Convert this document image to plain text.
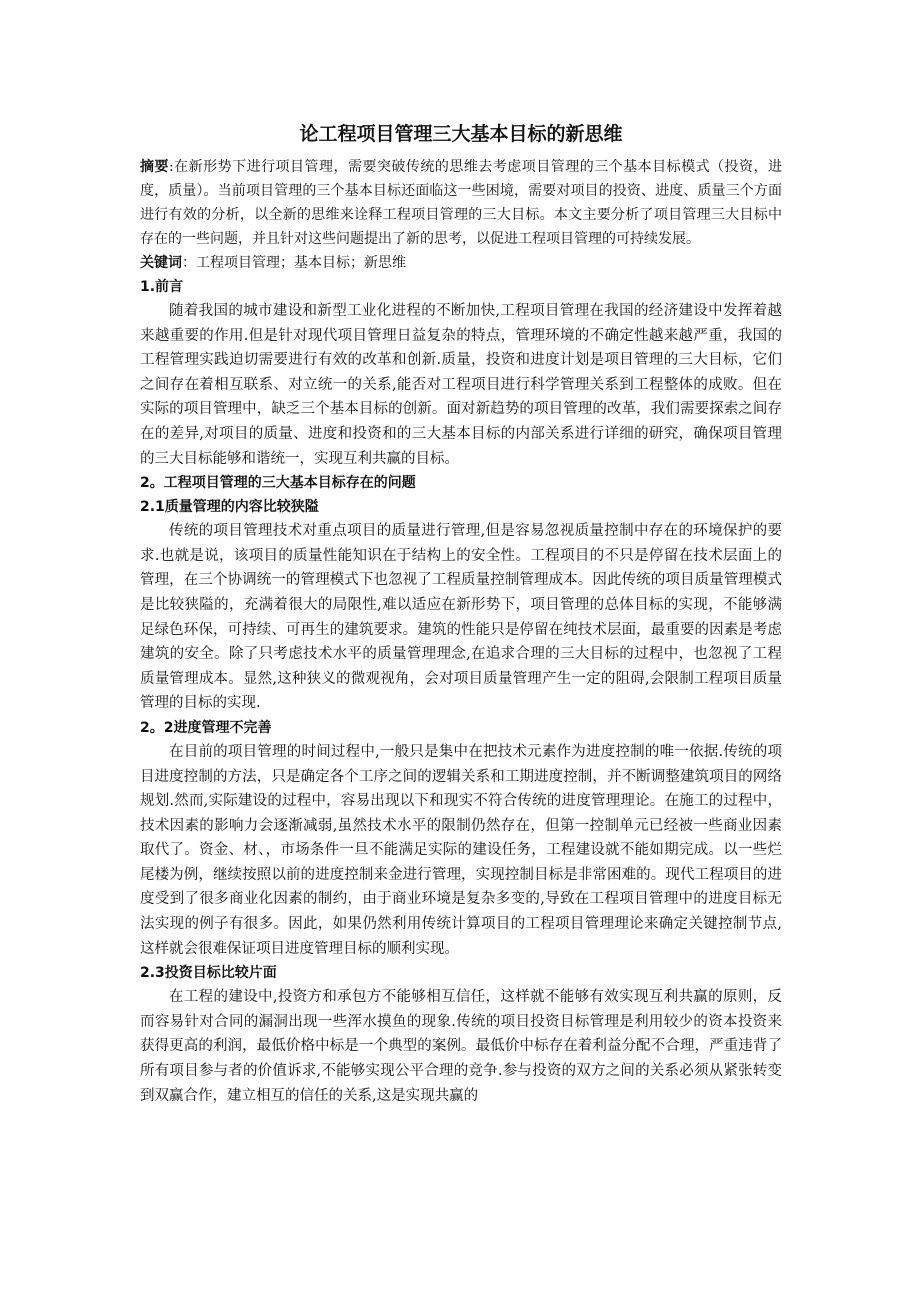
论工程项目管理三大基本目标的新思维

摘要:在新形势下进行项目管理，需要突破传统的思维去考虑项目管理的三个基本目标模式（投资，进度，质量）。当前项目管理的三个基本目标还面临这一些困境，需要对项目的投资、进度、质量三个方面进行有效的分析，以全新的思维来诠释工程项目管理的三大目标。本文主要分析了项目管理三大目标中存在的一些问题，并且针对这些问题提出了新的思考，以促进工程项目管理的可持续发展。

关键词：工程项目管理；基本目标；新思维

1.前言

随着我国的城市建设和新型工业化进程的不断加快,工程项目管理在我国的经济建设中发挥着越来越重要的作用.但是针对现代项目管理日益复杂的特点，管理环境的不确定性越来越严重，我国的工程管理实践迫切需要进行有效的改革和创新.质量，投资和进度计划是项目管理的三大目标，它们之间存在着相互联系、对立统一的关系,能否对工程项目进行科学管理关系到工程整体的成败。但在实际的项目管理中，缺乏三个基本目标的创新。面对新趋势的项目管理的改革，我们需要探索之间存在的差异,对项目的质量、进度和投资和的三大基本目标的内部关系进行详细的研究，确保项目管理的三大目标能够和谐统一，实现互利共赢的目标。

2。工程项目管理的三大基本目标存在的问题
2.1质量管理的内容比较狭隘

传统的项目管理技术对重点项目的质量进行管理,但是容易忽视质量控制中存在的环境保护的要求.也就是说，该项目的质量性能知识在于结构上的安全性。工程项目的不只是停留在技术层面上的管理，在三个协调统一的管理模式下也忽视了工程质量控制管理成本。因此传统的项目质量管理模式是比较狭隘的，充满着很大的局限性,难以适应在新形势下，项目管理的总体目标的实现，不能够满足绿色环保，可持续、可再生的建筑要求。建筑的性能只是停留在纯技术层面，最重要的因素是考虑建筑的安全。除了只考虑技术水平的质量管理理念,在追求合理的三大目标的过程中，也忽视了工程质量管理成本。显然,这种狭义的微观视角，会对项目质量管理产生一定的阻碍,会限制工程项目质量管理的目标的实现.

2。2进度管理不完善

在目前的项目管理的时间过程中,一般只是集中在把技术元素作为进度控制的唯一依据.传统的项目进度控制的方法，只是确定各个工序之间的逻辑关系和工期进度控制，并不断调整建筑项目的网络规划.然而,实际建设的过程中，容易出现以下和现实不符合传统的进度管理理论。在施工的过程中，技术因素的影响力会逐渐减弱,虽然技术水平的限制仍然存在，但第一控制单元已经被一些商业因素取代了。资金、材、，市场条件一旦不能满足实际的建设任务，工程建设就不能如期完成。以一些烂尾楼为例，继续按照以前的进度控制来金进行管理，实现控制目标是非常困难的。现代工程项目的进度受到了很多商业化因素的制约，由于商业环境是复杂多变的,导致在工程项目管理中的进度目标无法实现的例子有很多。因此，如果仍然利用传统计算项目的工程项目管理理论来确定关键控制节点,这样就会很难保证项目进度管理目标的顺利实现。

2.3投资目标比较片面

在工程的建设中,投资方和承包方不能够相互信任，这样就不能够有效实现互利共赢的原则，反而容易针对合同的漏洞出现一些浑水摸鱼的现象.传统的项目投资目标管理是利用较少的资本投资来获得更高的利润，最低价格中标是一个典型的案例。最低价中标存在着利益分配不合理，严重违背了所有项目参与者的价值诉求,不能够实现公平合理的竞争.参与投资的双方之间的关系必须从紧张转变到双赢合作，建立相互的信任的关系,这是实现共赢的
